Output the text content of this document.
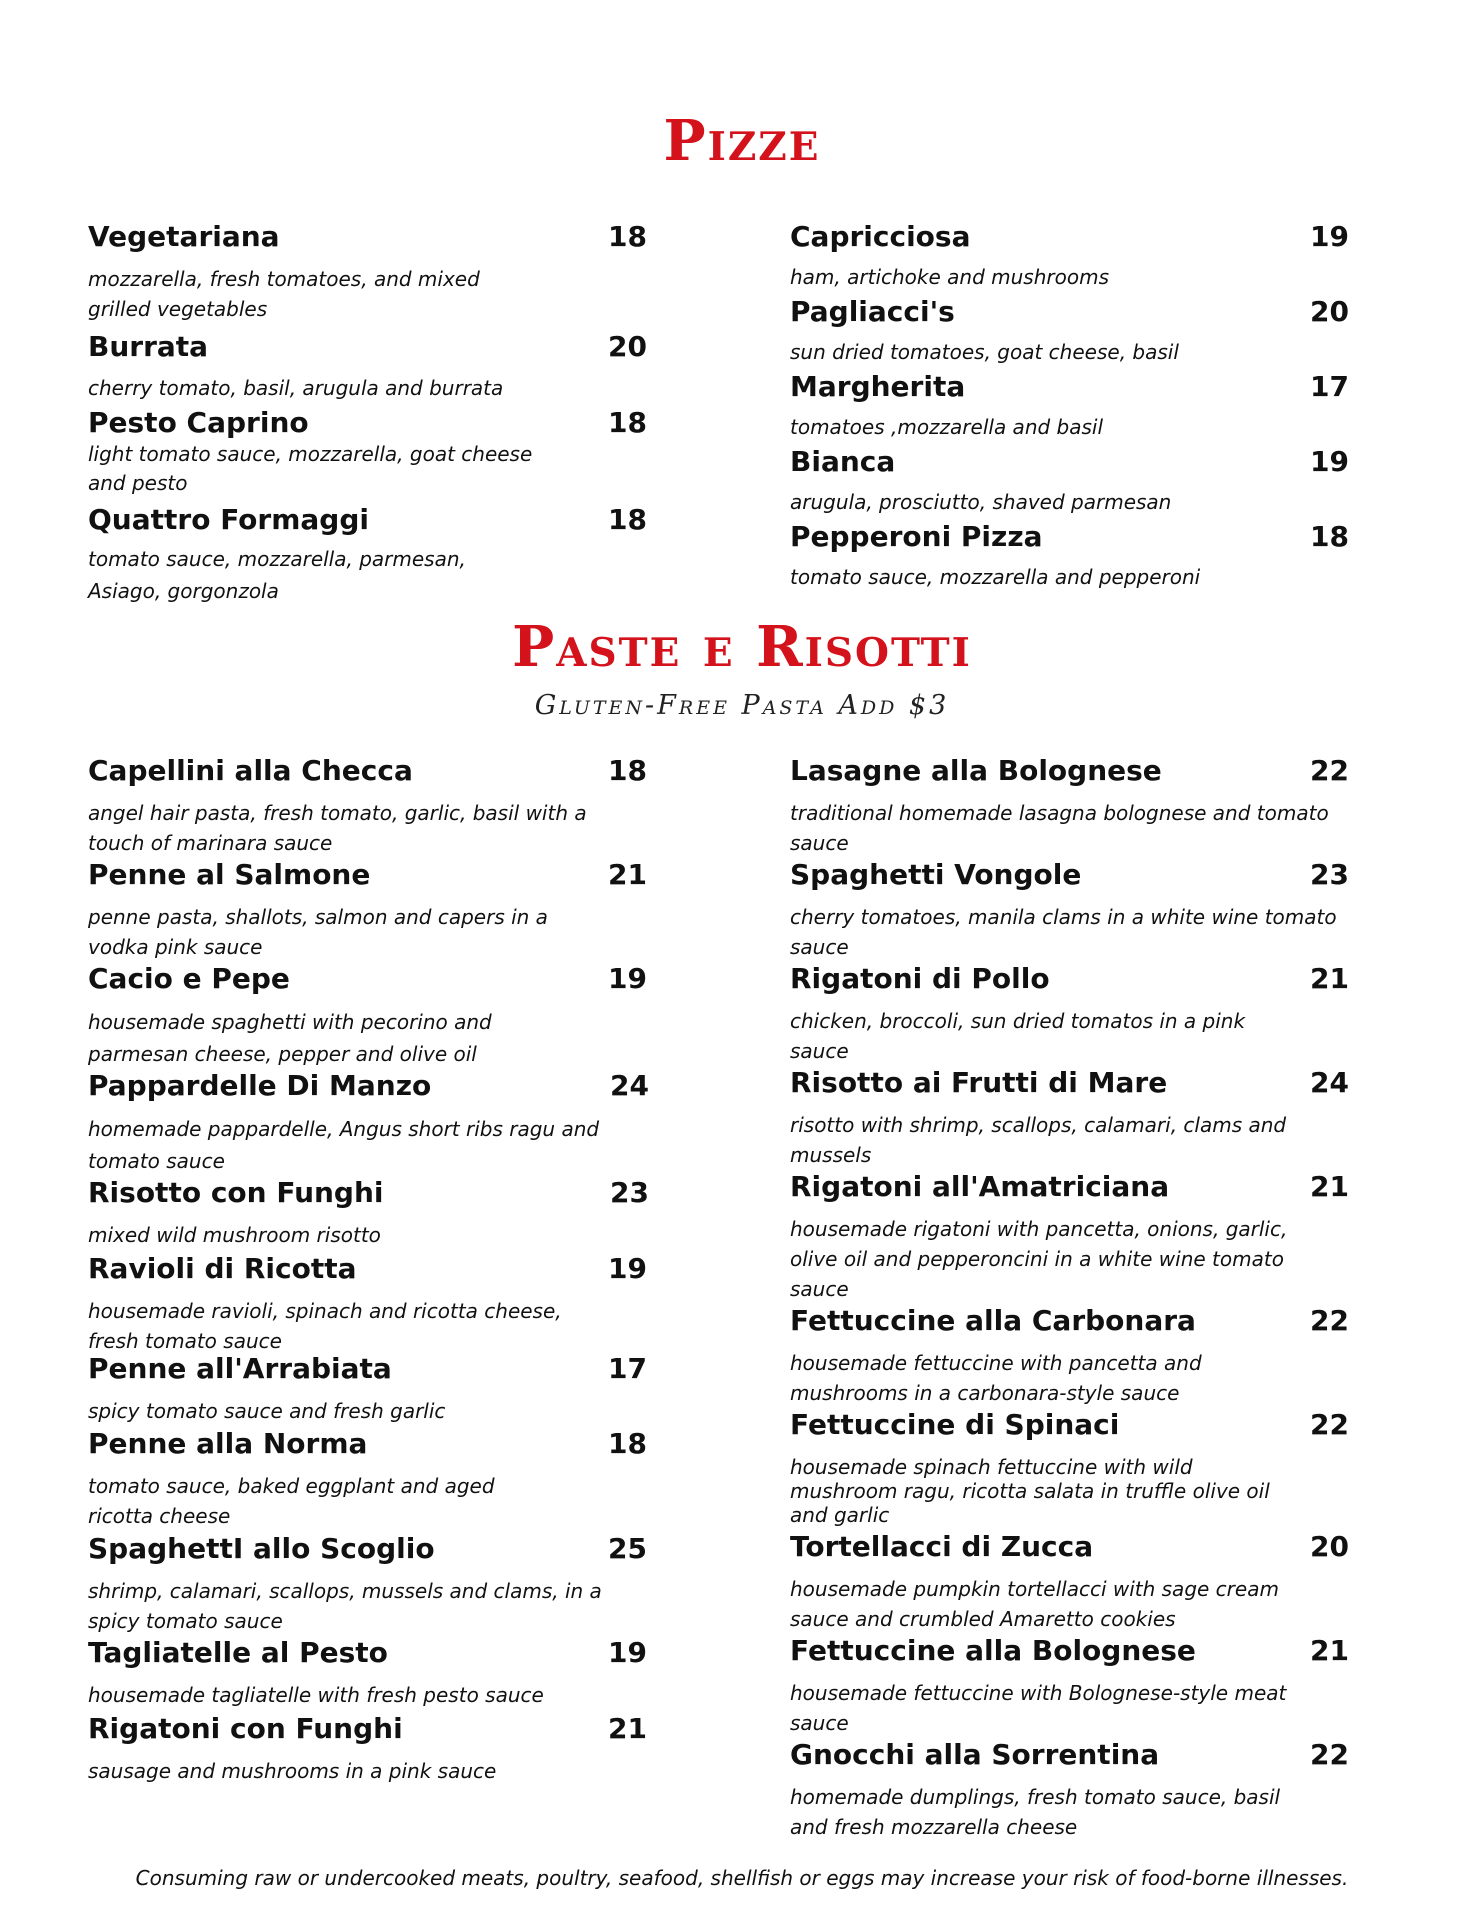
Pizze
Paste e Risotti
Gluten-Free Pasta Add $3
Vegetariana	18
mozzarella, fresh tomatoes, and mixed grilled vegetables
Burrata	20
cherry tomato, basil, arugula and burrata
Pesto Caprino	18
light tomato sauce, mozzarella, goat cheese and pesto
Quattro Formaggi	18
tomato sauce, mozzarella, parmesan, Asiago, gorgonzola
Capricciosa	19
ham, artichoke and mushrooms
Pagliacci's	20
sun dried tomatoes, goat cheese, basil
Margherita	17
tomatoes ,mozzarella and basil
Bianca	19
arugula, prosciutto, shaved parmesan
Pepperoni Pizza	18
tomato sauce, mozzarella and pepperoni
Capellini alla Checca	18
angel hair pasta, fresh tomato, garlic, basil with a touch of marinara sauce
Penne al Salmone	21
penne pasta, shallots, salmon and capers in a vodka pink sauce
Cacio e Pepe	19
housemade spaghetti with pecorino and parmesan cheese, pepper and olive oil
Pappardelle Di Manzo	24
homemade pappardelle, Angus short ribs ragu and tomato sauce
Risotto con Funghi	23
mixed wild mushroom risotto
Ravioli di Ricotta	19
housemade ravioli, spinach and ricotta cheese, fresh tomato sauce
Penne all'Arrabiata	17
spicy tomato sauce and fresh garlic
Penne alla Norma	18
tomato sauce, baked eggplant and aged ricotta cheese
SpaghettI allo Scoglio	25
shrimp, calamari, scallops, mussels and clams, in a spicy tomato sauce
Tagliatelle al Pesto	19
housemade tagliatelle with fresh pesto sauce
Rigatoni con Funghi	21
sausage and mushrooms in a pink sauce
Lasagne alla Bolognese	22
traditional homemade lasagna bolognese and tomato sauce
Spaghetti Vongole	23
cherry tomatoes, manila clams in a white wine tomato sauce
Rigatoni di Pollo	21
chicken, broccoli, sun dried tomatos in a pink sauce
Risotto ai Frutti di Mare	24
risotto with shrimp, scallops, calamari, clams and mussels
Rigatoni all'Amatriciana	21
housemade rigatoni with pancetta, onions, garlic, olive oil and pepperoncini in a white wine tomato sauce
Fettuccine alla Carbonara	22
housemade fettuccine with pancetta and mushrooms in a carbonara-style sauce
Fettuccine di Spinaci	22
housemade spinach fettuccine with wild mushroom ragu, ricotta salata in truffle olive oil and garlic
Tortellacci di Zucca	20
housemade pumpkin tortellacci with sage cream sauce and crumbled Amaretto cookies
Fettuccine alla Bolognese	21
housemade fettuccine with Bolognese-style meat sauce
Gnocchi alla Sorrentina	22
homemade dumplings, fresh tomato sauce, basil and fresh mozzarella cheese
Consuming raw or undercooked meats, poultry, seafood, shellfish or eggs may increase your risk of food-borne illnesses.
